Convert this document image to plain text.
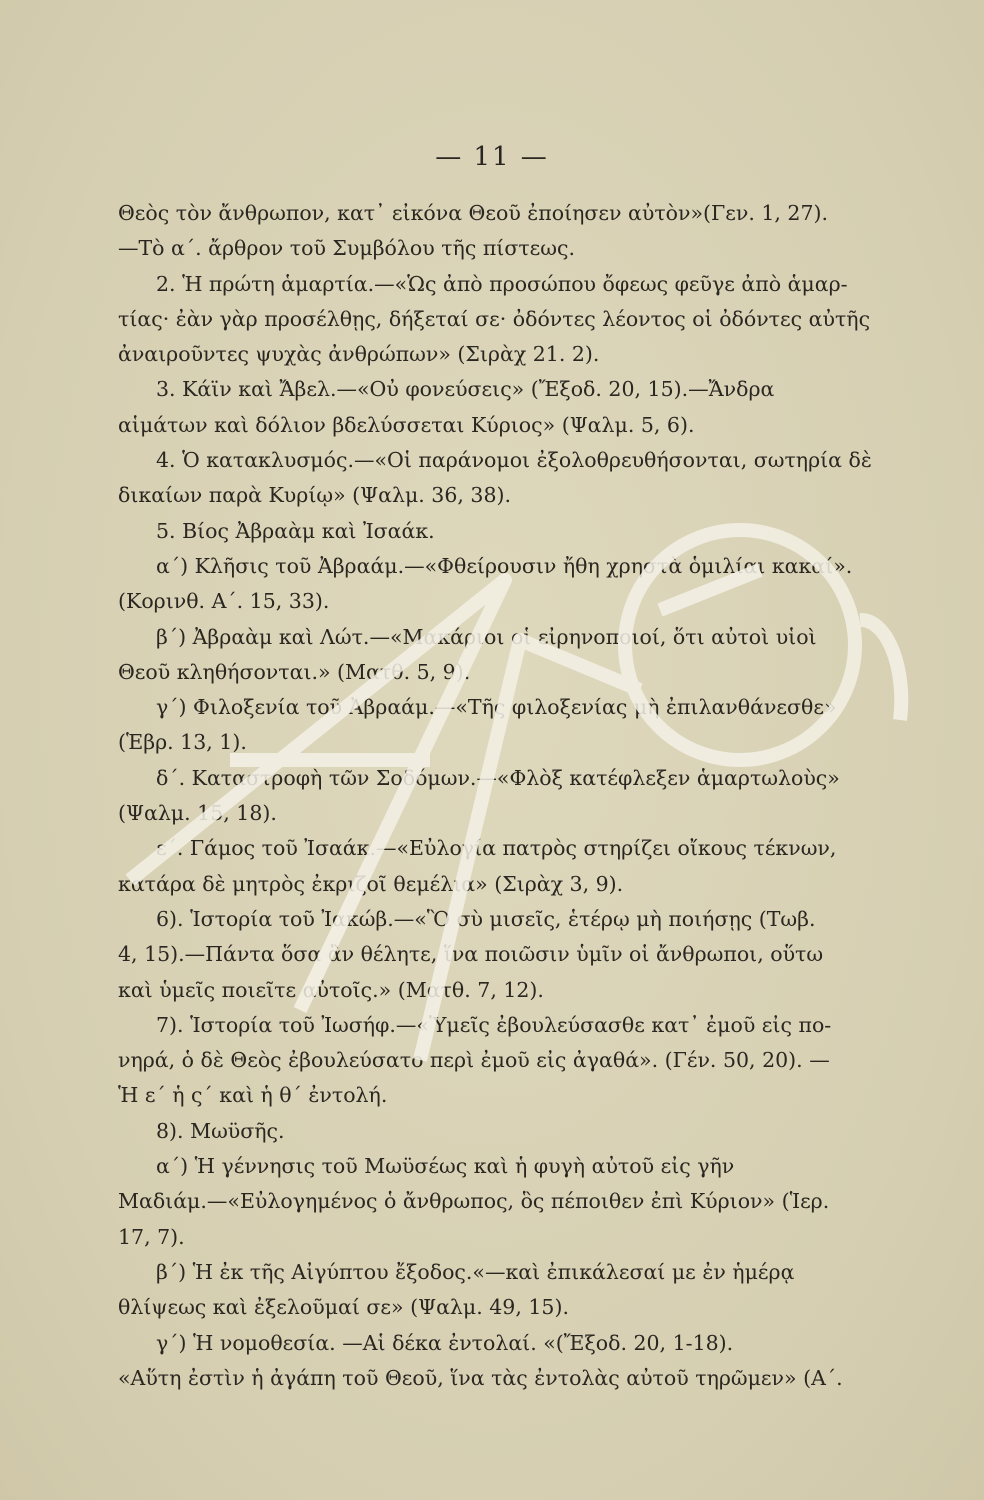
— 11 —
Θεὸς τὸν ἄνθρωπον, κατ᾽ εἰκόνα Θεοῦ ἐποίησεν αὐτὸν»(Γεν. 1, 27).
—Τὸ α΄. ἄρθρον τοῦ Συμβόλου τῆς πίστεως.
2. Ἡ πρώτη ἁμαρτία.—«Ὡς ἀπὸ προσώπου ὄφεως φεῦγε ἀπὸ ἁμαρ-
τίας· ἐὰν γὰρ προσέλθῃς, δήξεταί σε· ὀδόντες λέοντος οἱ ὀδόντες αὐτῆς
ἀναιροῦντες ψυχὰς ἀνθρώπων» (Σιρὰχ 21. 2).
3. Κάϊν καὶ Ἄβελ.—«Οὐ φονεύσεις» (Ἔξοδ. 20, 15).—Ἄνδρα
αἱμάτων καὶ δόλιον βδελύσσεται Κύριος» (Ψαλμ. 5, 6).
4. Ὁ κατακλυσμός.—«Οἱ παράνομοι ἐξολοθρευθήσονται, σωτηρία δὲ
δικαίων παρὰ Κυρίῳ» (Ψαλμ. 36, 38).
5. Βίος Ἀβραὰμ καὶ Ἰσαάκ.
α΄) Κλῆσις τοῦ Ἀβραάμ.—«Φθείρουσιν ἤθη χρηστὰ ὁμιλίαι κακαί».
(Κορινθ. Α΄. 15, 33).
β΄) Ἀβραὰμ καὶ Λώτ.—«Μακάριοι οἱ εἰρηνοποιοί, ὅτι αὐτοὶ υἱοὶ
Θεοῦ κληθήσονται.» (Ματθ. 5, 9).
γ΄) Φιλοξενία τοῦ Ἀβραάμ.—«Τῆς φιλοξενίας μὴ ἐπιλανθάνεσθε»
(Ἑβρ. 13, 1).
δ΄. Καταστροφὴ τῶν Σοδόμων.—«Φλὸξ κατέφλεξεν ἁμαρτωλοὺς»
(Ψαλμ. 15, 18).
ε΄. Γάμος τοῦ Ἰσαάκ.—«Εὐλογία πατρὸς στηρίζει οἴκους τέκνων,
κατάρα δὲ μητρὸς ἐκριζοῖ θεμέλια» (Σιρὰχ 3, 9).
6). Ἱστορία τοῦ Ἰακώβ.—«Ὃ σὺ μισεῖς, ἑτέρῳ μὴ ποιήσῃς (Τωβ.
4, 15).—Πάντα ὅσα ἂν θέλητε, ἵνα ποιῶσιν ὑμῖν οἱ ἄνθρωποι, οὕτω
καὶ ὑμεῖς ποιεῖτε αὐτοῖς.» (Ματθ. 7, 12).
7). Ἱστορία τοῦ Ἰωσήφ.—«Ὑμεῖς ἐβουλεύσασθε κατ᾽ ἐμοῦ εἰς πο-
νηρά, ὁ δὲ Θεὸς ἐβουλεύσατο περὶ ἐμοῦ εἰς ἀγαθά». (Γέν. 50, 20). —
Ἡ ε΄ ἡ ς΄ καὶ ἡ θ΄ ἐντολή.
8). Μωϋσῆς.
α΄) Ἡ γέννησις τοῦ Μωϋσέως καὶ ἡ φυγὴ αὐτοῦ εἰς γῆν
Μαδιάμ.—«Εὐλογημένος ὁ ἄνθρωπος, ὃς πέποιθεν ἐπὶ Κύριον» (Ἱερ.
17, 7).
β΄) Ἡ ἐκ τῆς Αἰγύπτου ἔξοδος.«—καὶ ἐπικάλεσαί με ἐν ἡμέρᾳ
θλίψεως καὶ ἐξελοῦμαί σε» (Ψαλμ. 49, 15).
γ΄) Ἡ νομοθεσία. —Αἱ δέκα ἐντολαί. «(Ἔξοδ. 20, 1-18).
«Αὕτη ἐστὶν ἡ ἀγάπη τοῦ Θεοῦ, ἵνα τὰς ἐντολὰς αὐτοῦ τηρῶμεν» (Α΄.
